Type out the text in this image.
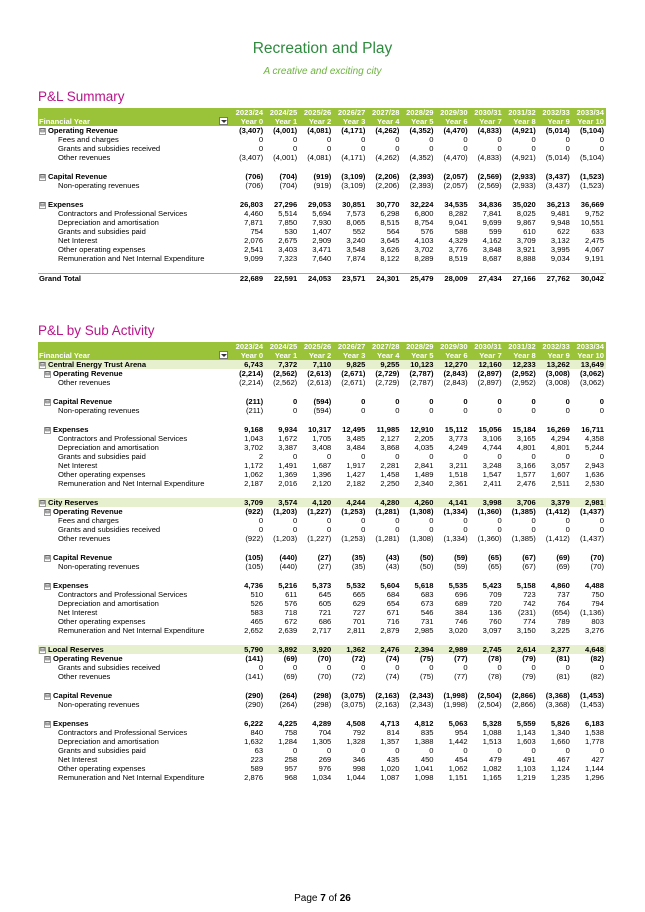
Recreation and Play
A creative and exciting city
P&L Summary
	2023/24	2024/25	2025/26	2026/27	2027/28	2028/29	2029/30	2030/31	2031/32	2032/33	2033/34
Financial Year	Year 0	Year 1	Year 2	Year 3	Year 4	Year 5	Year 6	Year 7	Year 8	Year 9	Year 10
⊟ Operating Revenue	(3,407)	(4,001)	(4,081)	(4,171)	(4,262)	(4,352)	(4,470)	(4,833)	(4,921)	(5,014)	(5,104)
Fees and charges	0	0	0	0	0	0	0	0	0	0	0
Grants and subsidies received	0	0	0	0	0	0	0	0	0	0	0
Other revenues	(3,407)	(4,001)	(4,081)	(4,171)	(4,262)	(4,352)	(4,470)	(4,833)	(4,921)	(5,014)	(5,104)

⊟ Capital Revenue	(706)	(704)	(919)	(3,109)	(2,206)	(2,393)	(2,057)	(2,569)	(2,933)	(3,437)	(1,523)
Non-operating revenues	(706)	(704)	(919)	(3,109)	(2,206)	(2,393)	(2,057)	(2,569)	(2,933)	(3,437)	(1,523)

⊟ Expenses	26,803	27,296	29,053	30,851	30,770	32,224	34,535	34,836	35,020	36,213	36,669
Contractors and Professional Services	4,460	5,514	5,694	7,573	6,298	6,800	8,282	7,841	8,025	9,481	9,752
Depreciation and amortisation	7,871	7,850	7,930	8,065	8,515	8,754	9,041	9,699	9,867	9,948	10,551
Grants and subsidies paid	754	530	1,407	552	564	576	588	599	610	622	633
Net Interest	2,076	2,675	2,909	3,240	3,645	4,103	4,329	4,162	3,709	3,132	2,475
Other operating expenses	2,541	3,403	3,471	3,548	3,626	3,702	3,776	3,848	3,921	3,995	4,067
Remuneration and Net Internal Expenditure	9,099	7,323	7,640	7,874	8,122	8,289	8,519	8,687	8,888	9,034	9,191

Grand Total	22,689	22,591	24,053	23,571	24,301	25,479	28,009	27,434	27,166	27,762	30,042
P&L by Sub Activity
	2023/24	2024/25	2025/26	2026/27	2027/28	2028/29	2029/30	2030/31	2031/32	2032/33	2033/34
Financial Year	Year 0	Year 1	Year 2	Year 3	Year 4	Year 5	Year 6	Year 7	Year 8	Year 9	Year 10
⊟ Central Energy Trust Arena	6,743	7,372	7,110	9,825	9,255	10,123	12,270	12,160	12,233	13,262	13,649
⊟ Operating Revenue	(2,214)	(2,562)	(2,613)	(2,671)	(2,729)	(2,787)	(2,843)	(2,897)	(2,952)	(3,008)	(3,062)
Other revenues	(2,214)	(2,562)	(2,613)	(2,671)	(2,729)	(2,787)	(2,843)	(2,897)	(2,952)	(3,008)	(3,062)

⊟ Capital Revenue	(211)	0	(594)	0	0	0	0	0	0	0	0
Non-operating revenues	(211)	0	(594)	0	0	0	0	0	0	0	0

⊟ Expenses	9,168	9,934	10,317	12,495	11,985	12,910	15,112	15,056	15,184	16,269	16,711
Contractors and Professional Services	1,043	1,672	1,705	3,485	2,127	2,205	3,773	3,106	3,165	4,294	4,358
Depreciation and amortisation	3,702	3,387	3,408	3,484	3,868	4,035	4,249	4,744	4,801	4,801	5,244
Grants and subsidies paid	2	0	0	0	0	0	0	0	0	0	0
Net Interest	1,172	1,491	1,687	1,917	2,281	2,841	3,211	3,248	3,166	3,057	2,943
Other operating expenses	1,062	1,369	1,396	1,427	1,458	1,489	1,518	1,547	1,577	1,607	1,636
Remuneration and Net Internal Expenditure	2,187	2,016	2,120	2,182	2,250	2,340	2,361	2,411	2,476	2,511	2,530

⊟ City Reserves	3,709	3,574	4,120	4,244	4,280	4,260	4,141	3,998	3,706	3,379	2,981
⊟ Operating Revenue	(922)	(1,203)	(1,227)	(1,253)	(1,281)	(1,308)	(1,334)	(1,360)	(1,385)	(1,412)	(1,437)
Fees and charges	0	0	0	0	0	0	0	0	0	0	0
Grants and subsidies received	0	0	0	0	0	0	0	0	0	0	0
Other revenues	(922)	(1,203)	(1,227)	(1,253)	(1,281)	(1,308)	(1,334)	(1,360)	(1,385)	(1,412)	(1,437)

⊟ Capital Revenue	(105)	(440)	(27)	(35)	(43)	(50)	(59)	(65)	(67)	(69)	(70)
Non-operating revenues	(105)	(440)	(27)	(35)	(43)	(50)	(59)	(65)	(67)	(69)	(70)

⊟ Expenses	4,736	5,216	5,373	5,532	5,604	5,618	5,535	5,423	5,158	4,860	4,488
Contractors and Professional Services	510	611	645	665	684	683	696	709	723	737	750
Depreciation and amortisation	526	576	605	629	654	673	689	720	742	764	794
Net Interest	583	718	721	727	671	546	384	136	(231)	(654)	(1,136)
Other operating expenses	465	672	686	701	716	731	746	760	774	789	803
Remuneration and Net Internal Expenditure	2,652	2,639	2,717	2,811	2,879	2,985	3,020	3,097	3,150	3,225	3,276

⊟ Local Reserves	5,790	3,892	3,920	1,362	2,476	2,394	2,989	2,745	2,614	2,377	4,648
⊟ Operating Revenue	(141)	(69)	(70)	(72)	(74)	(75)	(77)	(78)	(79)	(81)	(82)
Grants and subsidies received	0	0	0	0	0	0	0	0	0	0	0
Other revenues	(141)	(69)	(70)	(72)	(74)	(75)	(77)	(78)	(79)	(81)	(82)

⊟ Capital Revenue	(290)	(264)	(298)	(3,075)	(2,163)	(2,343)	(1,998)	(2,504)	(2,866)	(3,368)	(1,453)
Non-operating revenues	(290)	(264)	(298)	(3,075)	(2,163)	(2,343)	(1,998)	(2,504)	(2,866)	(3,368)	(1,453)

⊟ Expenses	6,222	4,225	4,289	4,508	4,713	4,812	5,063	5,328	5,559	5,826	6,183
Contractors and Professional Services	840	758	704	792	814	835	954	1,088	1,143	1,340	1,538
Depreciation and amortisation	1,632	1,284	1,305	1,328	1,357	1,388	1,442	1,513	1,603	1,660	1,778
Grants and subsidies paid	63	0	0	0	0	0	0	0	0	0	0
Net Interest	223	258	269	346	435	450	454	479	491	467	427
Other operating expenses	589	957	976	998	1,020	1,041	1,062	1,082	1,103	1,124	1,144
Remuneration and Net Internal Expenditure	2,876	968	1,034	1,044	1,087	1,098	1,151	1,165	1,219	1,235	1,296
Page 7 of 26
